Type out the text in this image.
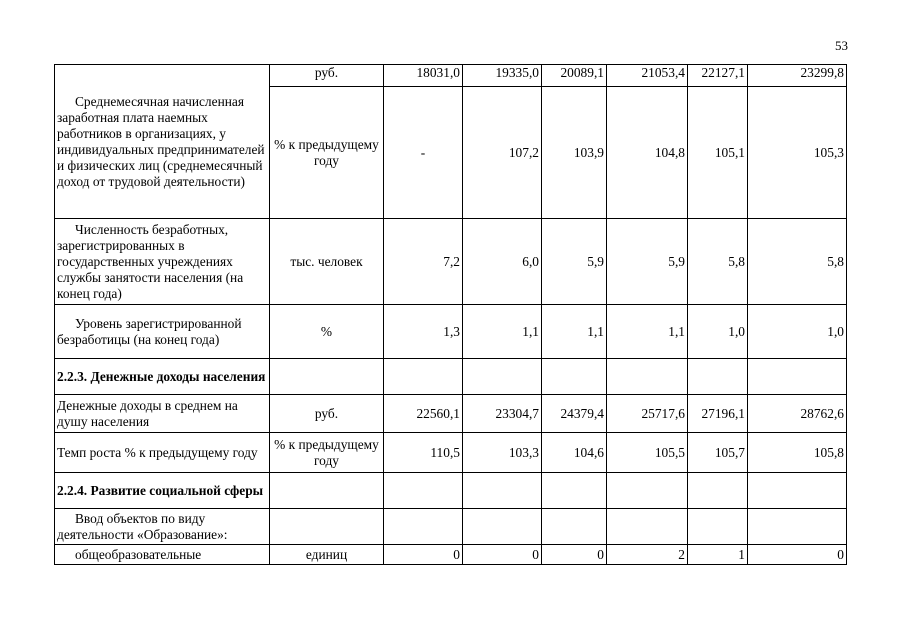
53
Среднемесячная начисленная заработная плата наемных работников в организациях, у индивидуальных предпринимателей и физических лиц (среднемесячный доход от трудовой деятельности)	руб.	18031,0	19335,0	20089,1	21053,4	22127,1	23299,8
	% к предыдущему году	-	107,2	103,9	104,8	105,1	105,3
Численность безработных, зарегистрированных в государственных учреждениях службы занятости населения (на конец года)	тыс. человек	7,2	6,0	5,9	5,9	5,8	5,8
Уровень зарегистрированной безработицы (на конец года)	%	1,3	1,1	1,1	1,1	1,0	1,0
2.2.3. Денежные доходы населения							
Денежные доходы в среднем на душу населения	руб.	22560,1	23304,7	24379,4	25717,6	27196,1	28762,6
Темп роста % к предыдущему году	% к предыдущему году	110,5	103,3	104,6	105,5	105,7	105,8
2.2.4. Развитие социальной сферы							
Ввод объектов по виду деятельности «Образование»:							
общеобразовательные	единиц	0	0	0	2	1	0
